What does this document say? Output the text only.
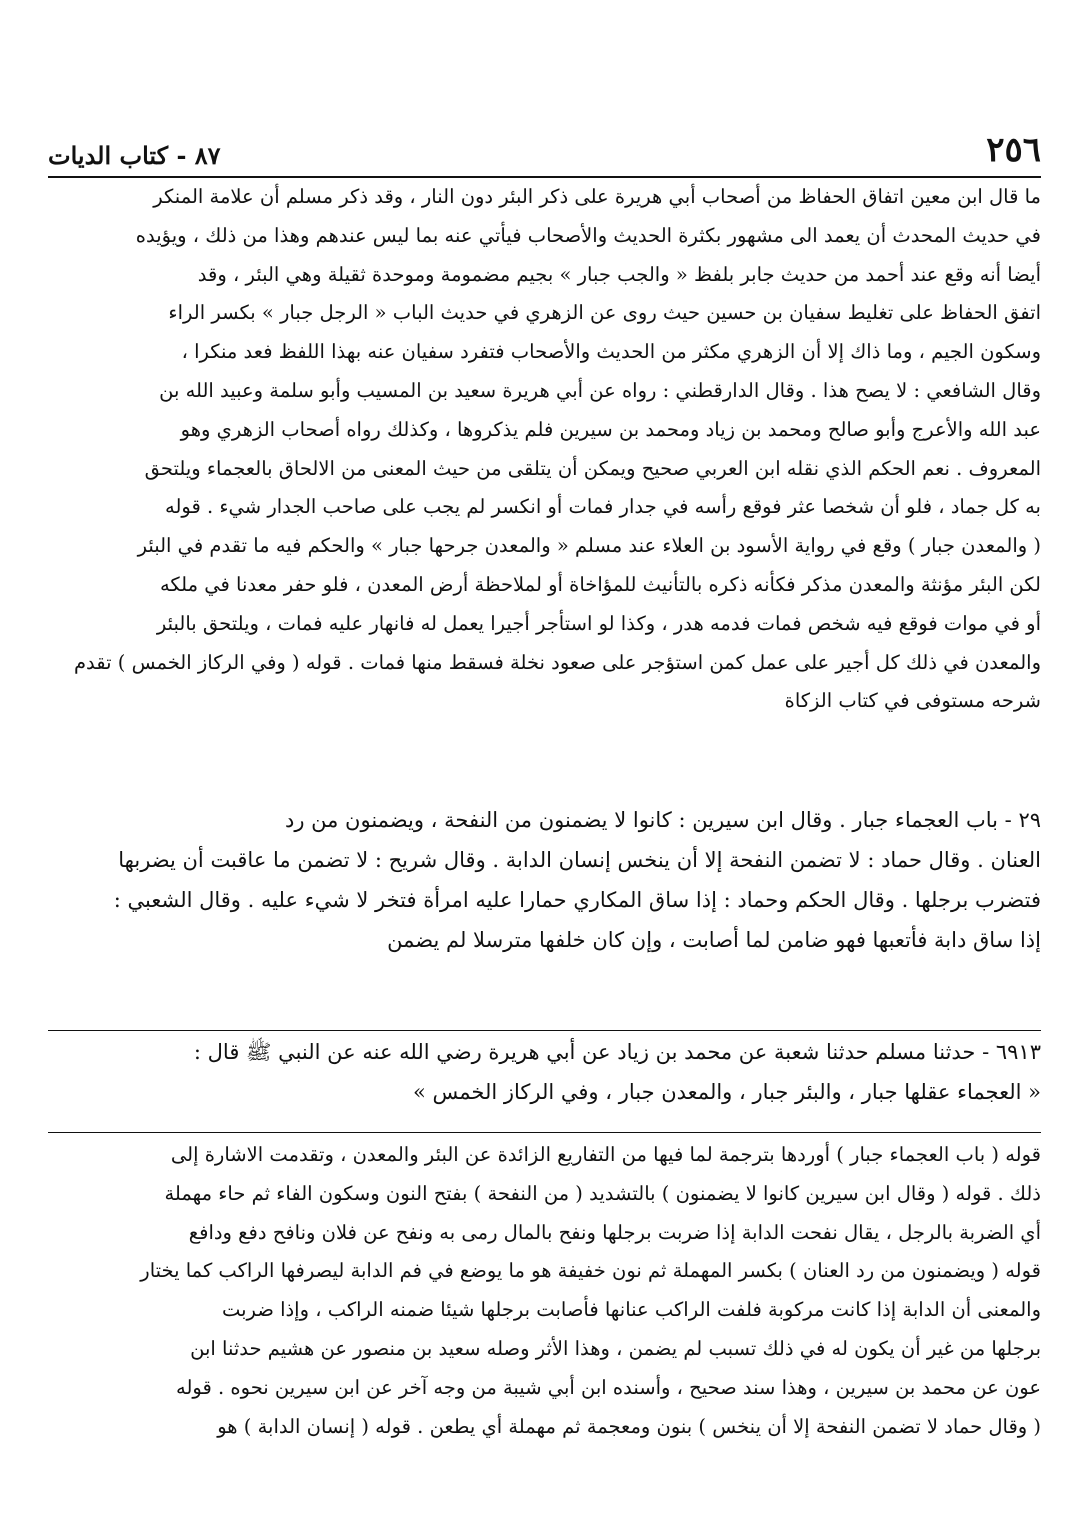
٢٥٦
٨٧ - كتاب الديات
ما قال ابن معين اتفاق الحفاظ من أصحاب أبي هريرة على ذكر البئر دون النار ، وقد ذكر مسلم أن علامة المنكر
في حديث المحدث أن يعمد الى مشهور بكثرة الحديث والأصحاب فيأتي عنه بما ليس عندهم وهذا من ذلك ، ويؤيده
أيضا أنه وقع عند أحمد من حديث جابر بلفظ « والجب جبار » بجيم مضمومة وموحدة ثقيلة وهي البئر ، وقد
اتفق الحفاظ على تغليط سفيان بن حسين حيث روى عن الزهري في حديث الباب « الرجل جبار » بكسر الراء
وسكون الجيم ، وما ذاك إلا أن الزهري مكثر من الحديث والأصحاب فتفرد سفيان عنه بهذا اللفظ فعد منكرا ،
وقال الشافعي : لا يصح هذا . وقال الدارقطني : رواه عن أبي هريرة سعيد بن المسيب وأبو سلمة وعبيد الله بن
عبد الله والأعرج وأبو صالح ومحمد بن زياد ومحمد بن سيرين فلم يذكروها ، وكذلك رواه أصحاب الزهري وهو
المعروف . نعم الحكم الذي نقله ابن العربي صحيح ويمكن أن يتلقى من حيث المعنى من الالحاق بالعجماء ويلتحق
به كل جماد ، فلو أن شخصا عثر فوقع رأسه في جدار فمات أو انكسر لم يجب على صاحب الجدار شيء . قوله
( والمعدن جبار ) وقع في رواية الأسود بن العلاء عند مسلم « والمعدن جرحها جبار » والحكم فيه ما تقدم في البئر
لكن البئر مؤنثة والمعدن مذكر فكأنه ذكره بالتأنيث للمؤاخاة أو لملاحظة أرض المعدن ، فلو حفر معدنا في ملكه
أو في موات فوقع فيه شخص فمات فدمه هدر ، وكذا لو استأجر أجيرا يعمل له فانهار عليه فمات ، ويلتحق بالبئر
والمعدن في ذلك كل أجير على عمل كمن استؤجر على صعود نخلة فسقط منها فمات . قوله ( وفي الركاز الخمس ) تقدم
شرحه مستوفى في كتاب الزكاة
٢٩ - باب العجماء جبار . وقال ابن سيرين : كانوا لا يضمنون من النفحة ، ويضمنون من رد
العنان . وقال حماد : لا تضمن النفحة إلا أن ينخس إنسان الدابة . وقال شريح : لا تضمن ما عاقبت أن يضربها
فتضرب برجلها . وقال الحكم وحماد : إذا ساق المكاري حمارا عليه امرأة فتخر لا شيء عليه . وقال الشعبي :
إذا ساق دابة فأتعبها فهو ضامن لما أصابت ، وإن كان خلفها مترسلا لم يضمن
٦٩١٣ - حدثنا مسلم حدثنا شعبة عن محمد بن زياد عن أبي هريرة رضي الله عنه عن النبي ﷺ قال :
« العجماء عقلها جبار ، والبئر جبار ، والمعدن جبار ، وفي الركاز الخمس »
قوله ( باب العجماء جبار ) أوردها بترجمة لما فيها من التفاريع الزائدة عن البئر والمعدن ، وتقدمت الاشارة إلى
ذلك . قوله ( وقال ابن سيرين كانوا لا يضمنون ) بالتشديد ( من النفحة ) بفتح النون وسكون الفاء ثم حاء مهملة
أي الضربة بالرجل ، يقال نفحت الدابة إذا ضربت برجلها ونفح بالمال رمى به ونفح عن فلان ونافح دفع ودافع
قوله ( ويضمنون من رد العنان ) بكسر المهملة ثم نون خفيفة هو ما يوضع في فم الدابة ليصرفها الراكب كما يختار
والمعنى أن الدابة إذا كانت مركوبة فلفت الراكب عنانها فأصابت برجلها شيئا ضمنه الراكب ، وإذا ضربت
برجلها من غير أن يكون له في ذلك تسبب لم يضمن ، وهذا الأثر وصله سعيد بن منصور عن هشيم حدثنا ابن
عون عن محمد بن سيرين ، وهذا سند صحيح ، وأسنده ابن أبي شيبة من وجه آخر عن ابن سيرين نحوه . قوله
( وقال حماد لا تضمن النفحة إلا أن ينخس ) بنون ومعجمة ثم مهملة أي يطعن . قوله ( إنسان الدابة ) هو
